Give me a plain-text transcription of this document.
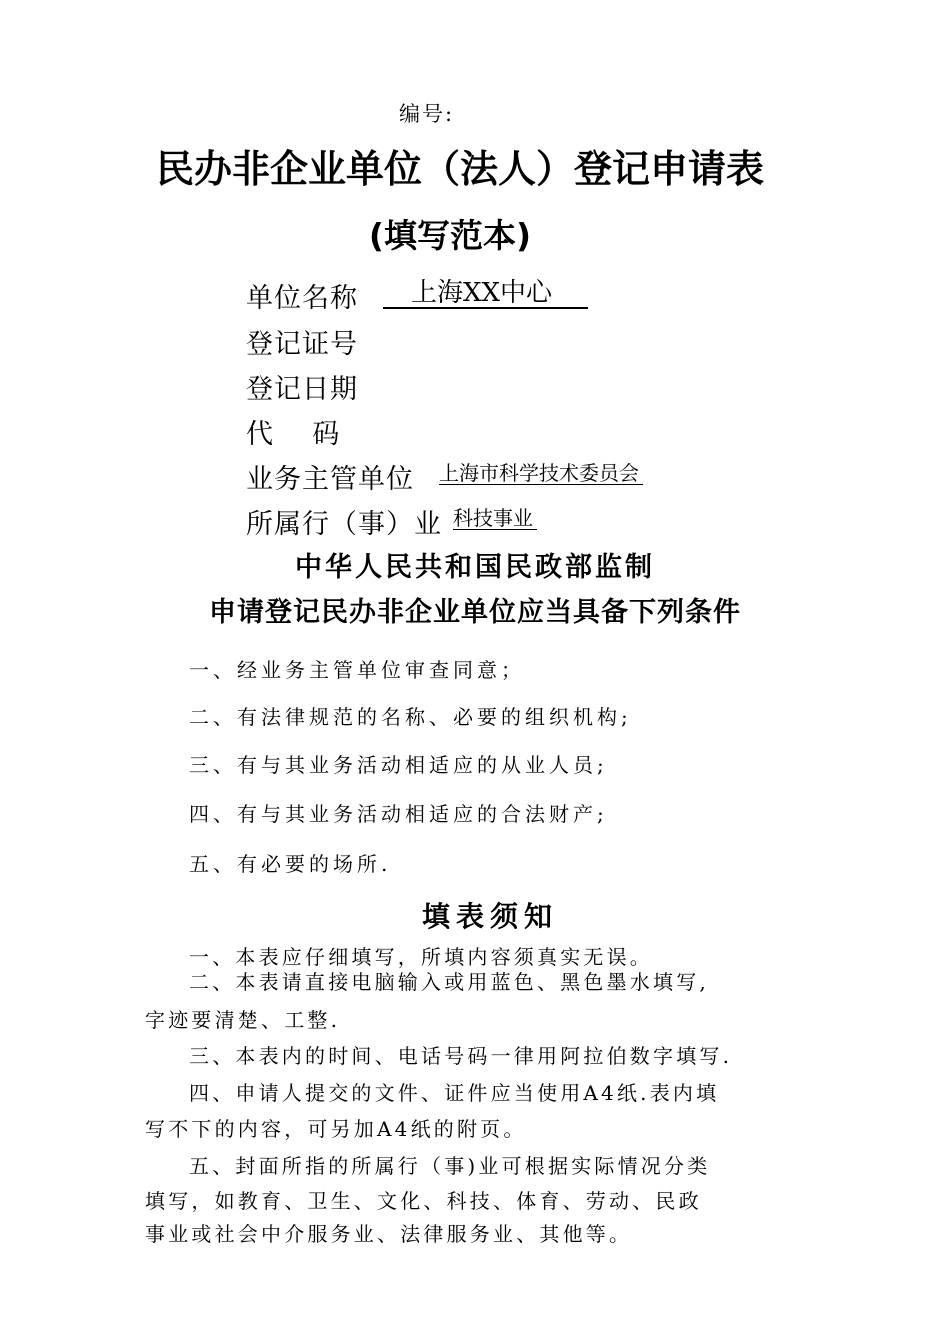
编号:
民办非企业单位（法人）登记申请表
(填写范本)
单位名称	上海XX中心
登记证号
登记日期
代    码
业务主管单位 上海市科学技术委员会
所属行（事）业 科技事业
中华人民共和国民政部监制
申请登记民办非企业单位应当具备下列条件
一、经业务主管单位审查同意；
二、有法律规范的名称、必要的组织机构;
三、有与其业务活动相适应的从业人员;
四、有与其业务活动相适应的合法财产;
五、有必要的场所.
填表须知
一、本表应仔细填写，所填内容须真实无误。
二、本表请直接电脑输入或用蓝色、黑色墨水填写,
字迹要清楚、工整.
三、本表内的时间、电话号码一律用阿拉伯数字填写.
四、申请人提交的文件、证件应当使用A4纸.表内填
写不下的内容，可另加A4纸的附页。
五、封面所指的所属行（事)业可根据实际情况分类
填写，如教育、卫生、文化、科技、体育、劳动、民政
事业或社会中介服务业、法律服务业、其他等。
